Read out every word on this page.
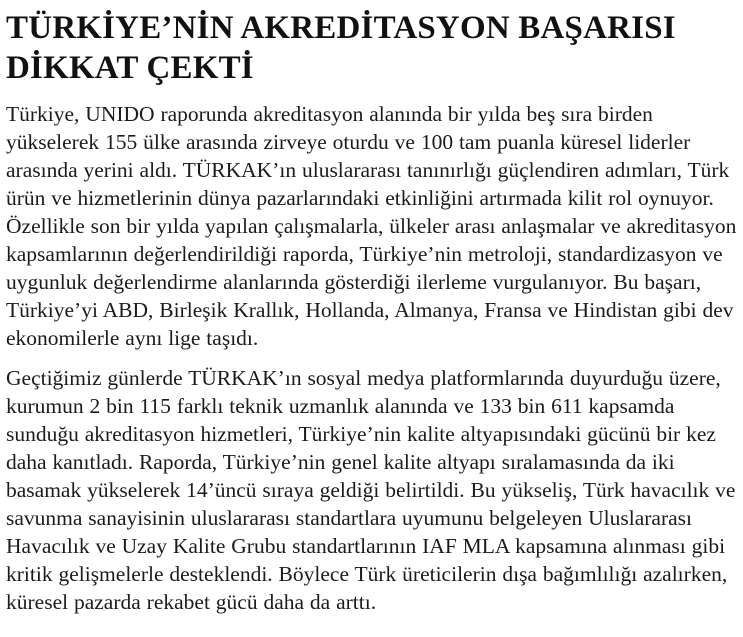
TÜRKİYE’NİN AKREDİTASYON BAŞARISI DİKKAT ÇEKTİ

Türkiye, UNIDO raporunda akreditasyon alanında bir yılda beş sıra birden yükselerek 155 ülke arasında zirveye oturdu ve 100 tam puanla küresel liderler arasında yerini aldı. TÜRKAK’ın uluslararası tanınırlığı güçlendiren adımları, Türk ürün ve hizmetlerinin dünya pazarlarındaki etkinliğini artırmada kilit rol oynuyor. Özellikle son bir yılda yapılan çalışmalarla, ülkeler arası anlaşmalar ve akreditasyon kapsamlarının değerlendirildiği raporda, Türkiye’nin metroloji, standardizasyon ve uygunluk değerlendirme alanlarında gösterdiği ilerleme vurgulanıyor. Bu başarı, Türkiye’yi ABD, Birleşik Krallık, Hollanda, Almanya, Fransa ve Hindistan gibi dev ekonomilerle aynı lige taşıdı.

Geçtiğimiz günlerde TÜRKAK’ın sosyal medya platformlarında duyurduğu üzere, kurumun 2 bin 115 farklı teknik uzmanlık alanında ve 133 bin 611 kapsamda sunduğu akreditasyon hizmetleri, Türkiye’nin kalite altyapısındaki gücünü bir kez daha kanıtladı. Raporda, Türkiye’nin genel kalite altyapı sıralamasında da iki basamak yükselerek 14’üncü sıraya geldiği belirtildi. Bu yükseliş, Türk havacılık ve savunma sanayisinin uluslararası standartlara uyumunu belgeleyen Uluslararası Havacılık ve Uzay Kalite Grubu standartlarının IAF MLA kapsamına alınması gibi kritik gelişmelerle desteklendi. Böylece Türk üreticilerin dışa bağımlılığı azalırken, küresel pazarda rekabet gücü daha da arttı.
